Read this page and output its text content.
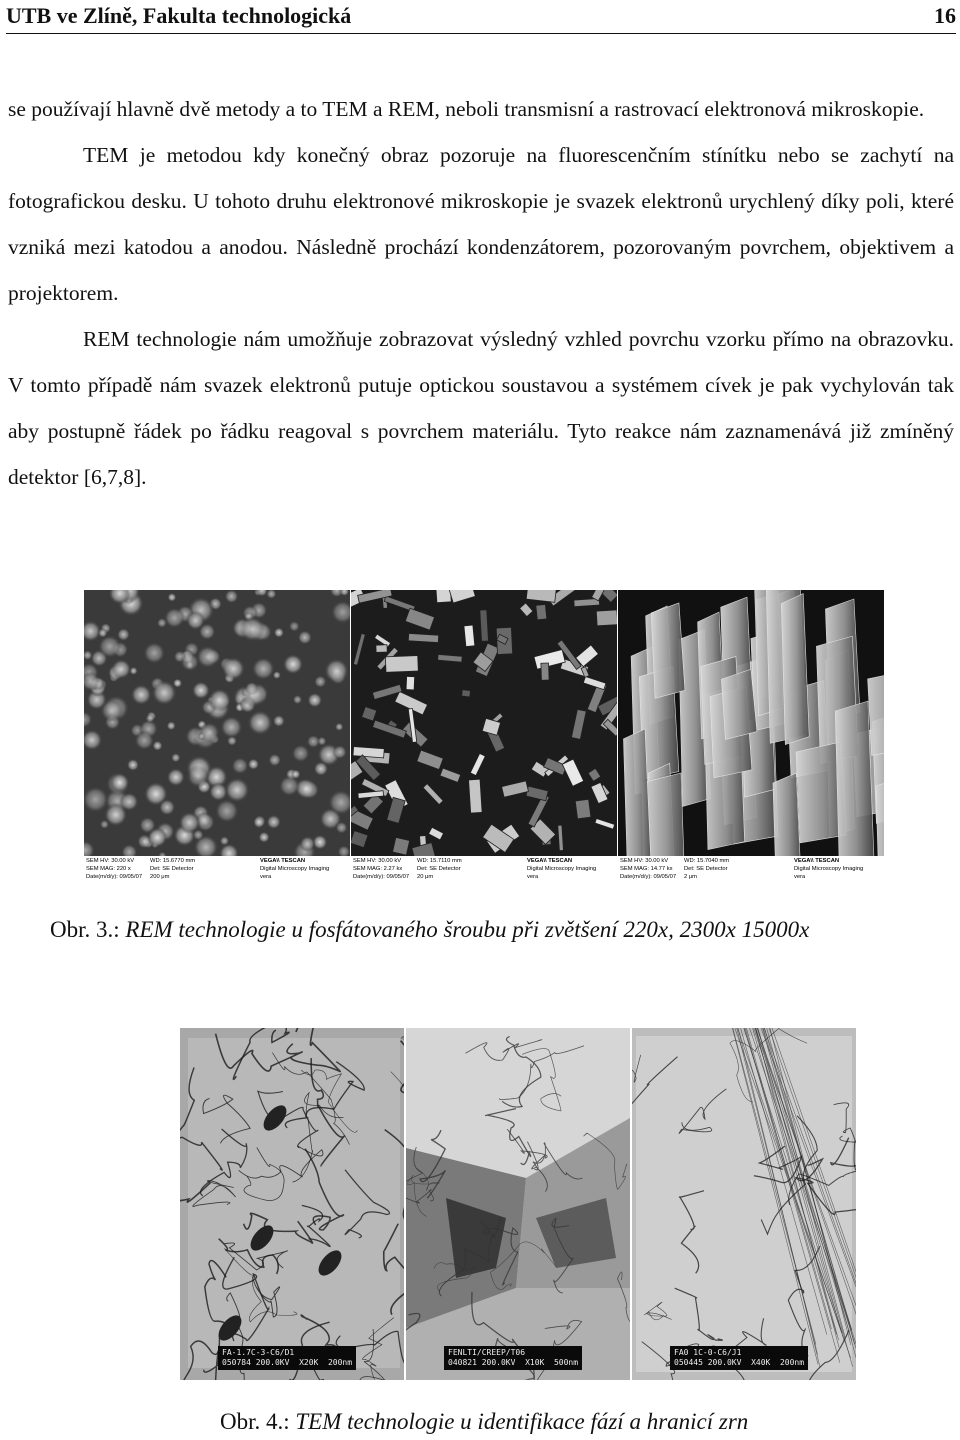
UTB ve Zlíně, Fakulta technologická	16

se používají hlavně dvě metody a to TEM a REM, neboli transmisní a rastrovací elektronová mikroskopie.

TEM je metodou kdy konečný obraz pozoruje na fluorescenčním stínítku nebo se zachytí na fotografickou desku. U tohoto druhu elektronové mikroskopie je svazek elektronů urychlený díky poli, které vzniká mezi katodou a anodou. Následně prochází kondenzátorem, pozorovaným povrchem, objektivem a projektorem.

REM technologie nám umožňuje zobrazovat výsledný vzhled povrchu vzorku přímo na obrazovku. V tomto případě nám svazek elektronů putuje optickou soustavou a systémem cívek je pak vychylován tak aby postupně řádek po řádku reagoval s povrchem materiálu. Tyto reakce nám zaznamenává již zmíněný detektor [6,7,8].

SEM HV: 30.00 kV
SEM MAG: 220 x
Date(m/d/y): 09/05/07
WD: 15.6770 mm
Det: SE Detector
200 μm
VEGA\\ TESCAN
Digital Microscopy Imaging
vera
SEM HV: 30.00 kV
SEM MAG: 2.27 kx
Date(m/d/y): 09/05/07
WD: 15.7110 mm
Det: SE Detector
20 μm
VEGA\\ TESCAN
Digital Microscopy Imaging
vera
SEM HV: 30.00 kV
SEM MAG: 14.77 kx
Date(m/d/y): 09/05/07
WD: 15.7040 mm
Det: SE Detector
2 μm
VEGA\\ TESCAN
Digital Microscopy Imaging
vera
Obr. 3.: REM technologie u fosfátovaného šroubu při zvětšení 220x, 2300x 15000x
FA-1.7C-3-C6/D1
050784 200.0KV  X20K  200nm
FENLTI/CREEP/T06
040821 200.0KV  X10K  500nm
FA0 1C-0-C6/J1
050445 200.0KV  X40K  200nm
Obr. 4.: TEM technologie u identifikace fází a hranicí zrn
